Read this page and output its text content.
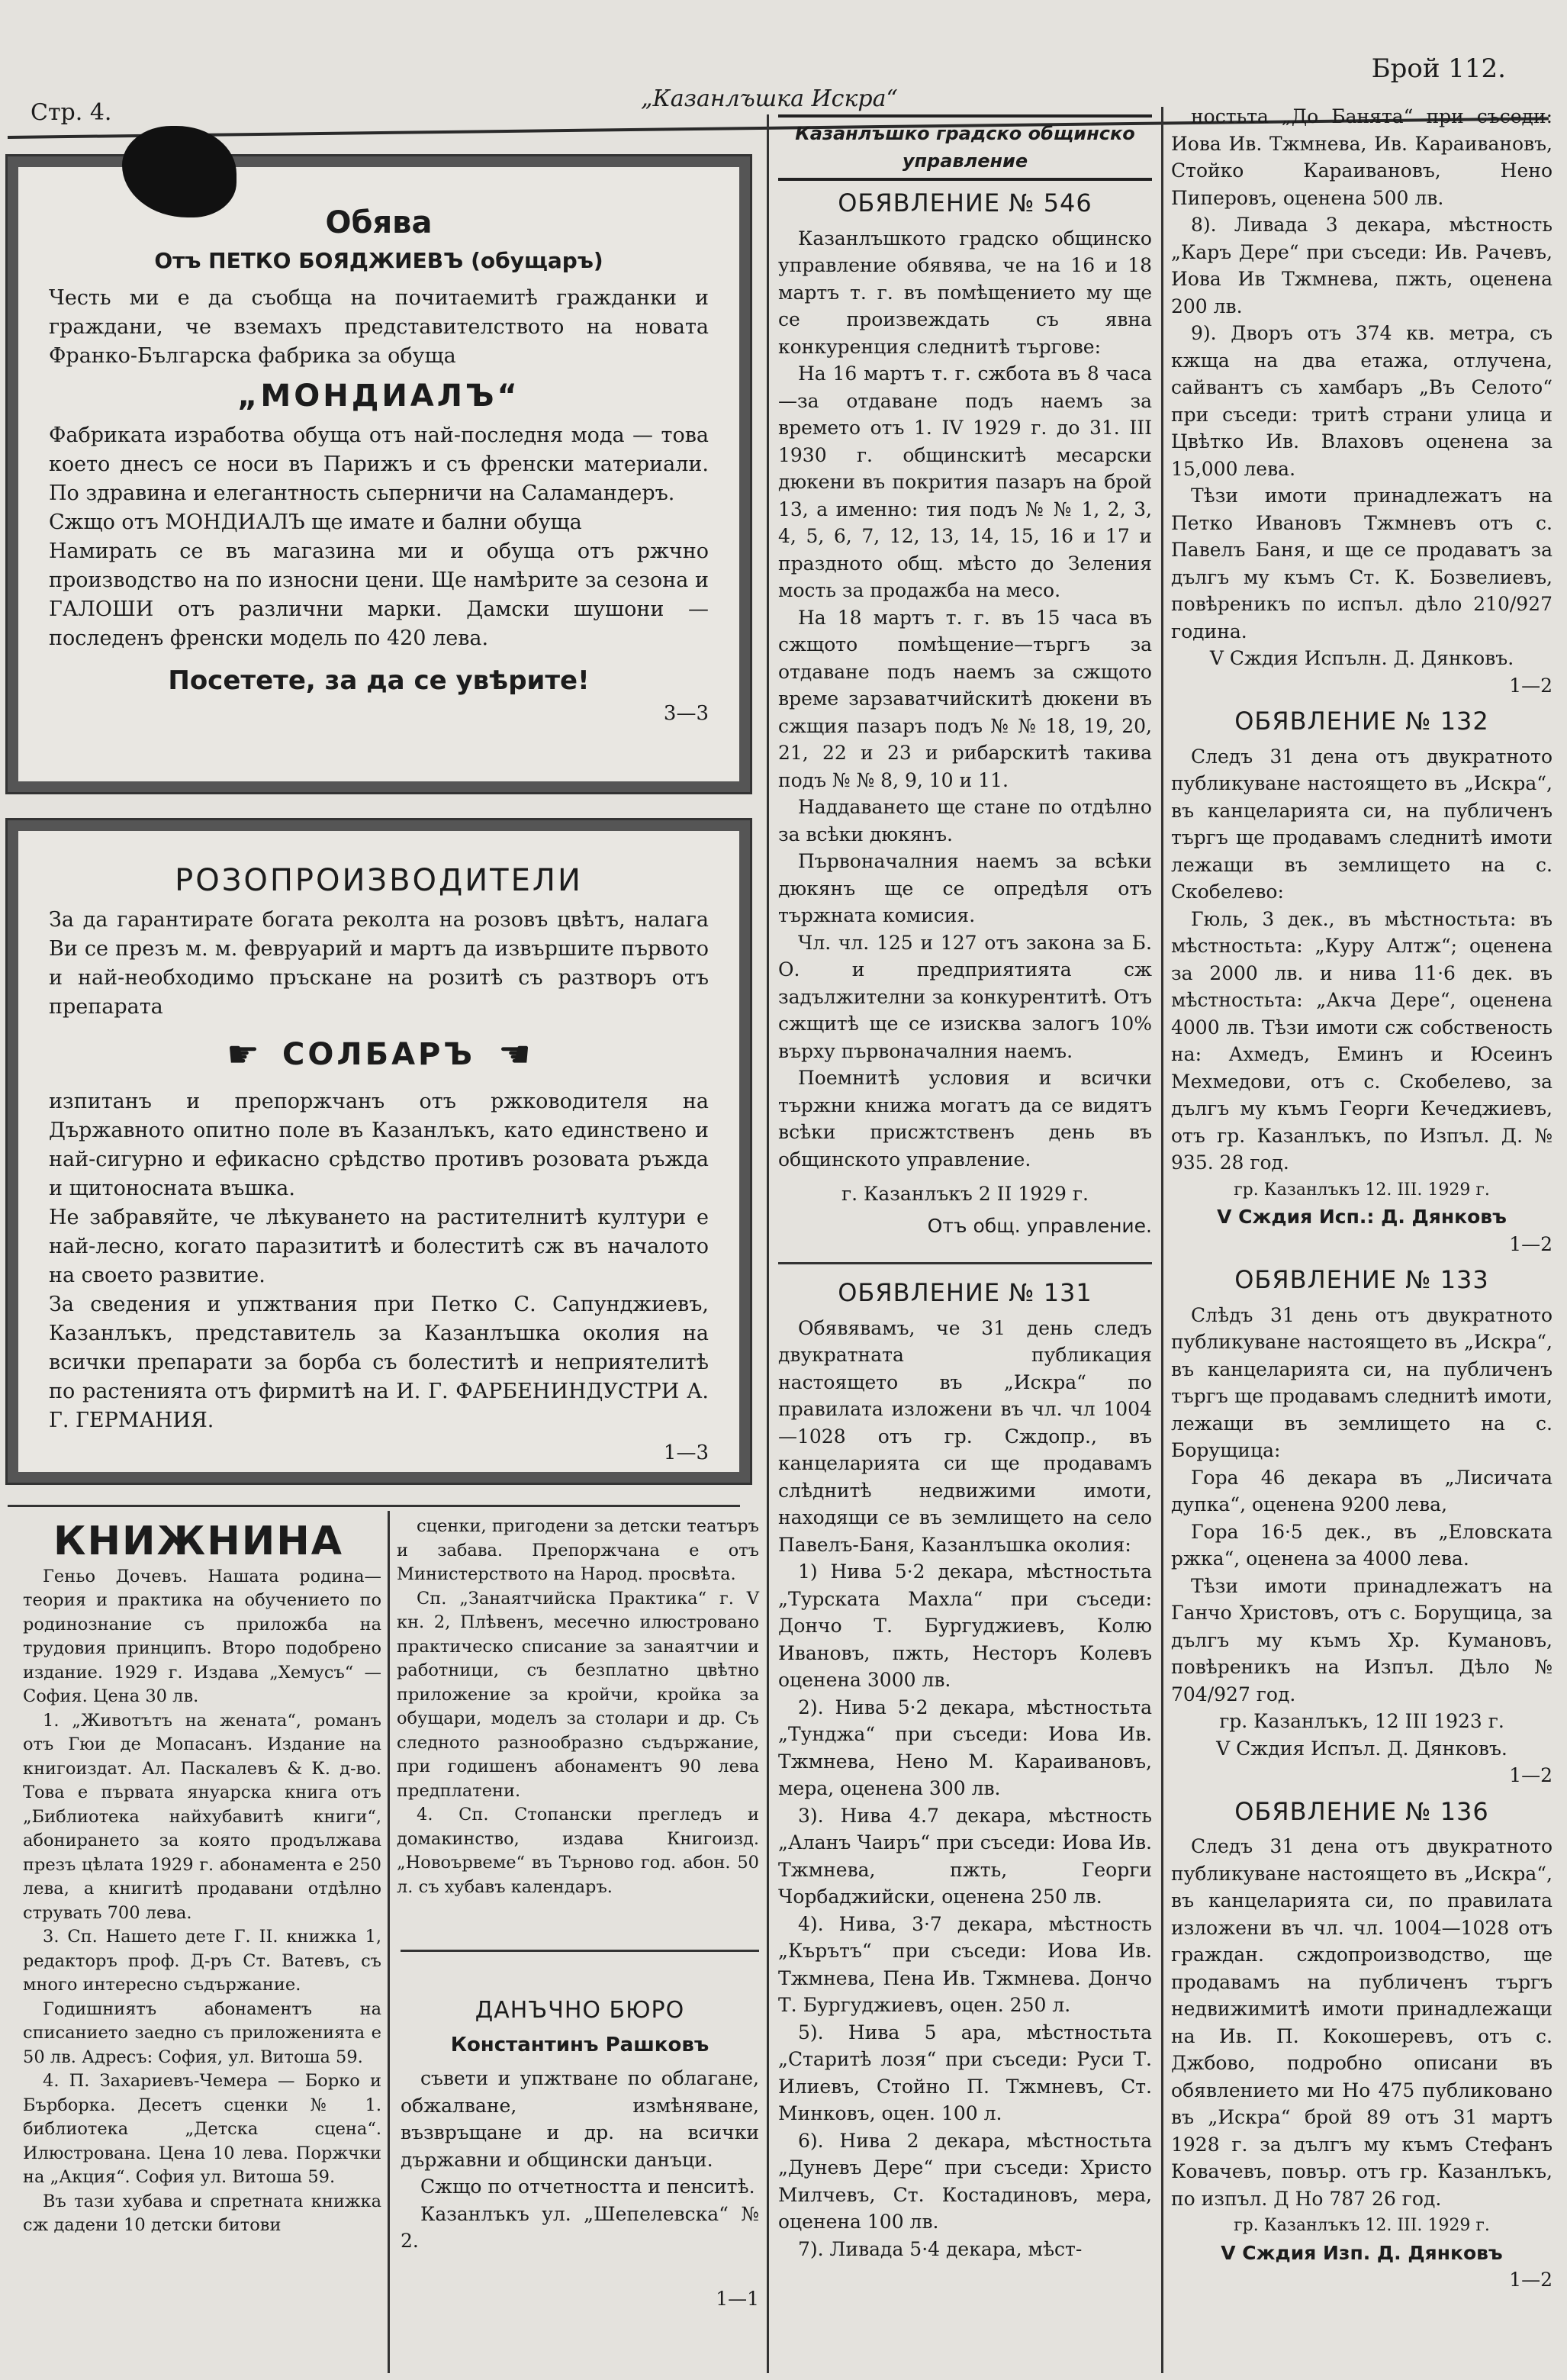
Стр. 4.
„Казанлъшка Искра“
Брой 112.
Обява
Отъ ПЕТКО БОЯДЖИЕВЪ (обущаръ)

Честь ми е да съобща на почитаемитѣ гражданки и граждани, че вземахъ представителството на новата Франко-Българска фабрика за обуща

„МОНДИАЛЪ“

Фабриката изработва обуща отъ най-последня мода — това което днесъ се носи въ Парижъ и съ френски материали. По здравина и елегантность сьперничи на Саламандеръ.

Сжщо отъ МОНДИАЛЪ ще имате и бални обуща

Намирать се въ магазина ми и обуща отъ ржчно производство на по износни цени. Ще намѣрите за сезона и ГАЛОШИ отъ различни марки. Дамски шушони — последенъ френски модель по 420 лева.

Посетете, за да се увѣрите!
3—3
РОЗОПРОИЗВОДИТЕЛИ

За да гарантирате богата реколта на розовъ цвѣтъ, налага Ви се презъ м. м. февруарий и мартъ да извършите първото и най-необходимо пръскане на розитѣ съ разтворъ отъ препарата

☛ СОЛБАРЪ ☚

изпитанъ и препоржчанъ отъ ржководителя на Държавното опитно поле въ Казанлъкъ, като единствено и най-сигурно и ефикасно срѣдство противъ розовата ръжда и щитоносната въшка.

Не забравяйте, че лѣкуването на растителнитѣ култури е най-лесно, когато паразититѣ и болеститѣ сж въ началото на своето развитие.

За сведения и упжтвания при Петко С. Сапунджиевъ, Казанлъкъ, представитель за Казанлъшка околия на всички препарати за борба съ болеститѣ и неприятелитѣ по растенията отъ фирмитѣ на И. Г. ФАРБЕНИНДУСТРИ А. Г. ГЕРМАНИЯ.

1—3
КНИЖНИНА

Геньо Дочевъ. Нашата родина—теория и практика на обучението по родинознание съ приложба на трудовия принципъ. Второ подобрено издание. 1929 г. Издава „Хемусъ“ — София. Цена 30 лв.

1. „Животътъ на жената“, романъ отъ Гюи де Мопасанъ. Издание на книгоиздат. Ал. Паскалевъ & К. д-во. Това е първата януарска книга отъ „Библиотека найхубавитѣ книги“, абонирането за която продължава презъ цѣлата 1929 г. абонамента е 250 лева, а книгитѣ продавани отдѣлно струвать 700 лева.

3. Сп. Нашето дете Г. II. книжка 1, редакторъ проф. Д-ръ Ст. Ватевъ, съ много интересно съдържание.

Годишниятъ абонаментъ на списанието заедно съ приложенията е 50 лв. Адресъ: София, ул. Витоша 59.

4. П. Захариевъ-Чемера — Борко и Бърборка. Десетъ сценки № 1. библиотека „Детска сцена“. Илюстрована. Цена 10 лева. Поржчки на „Акция“. София ул. Витоша 59.

Въ тази хубава и спретната книжка сж дадени 10 детски битови

сценки, пригодени за детски театъръ и забава. Препоржчана е отъ Министерството на Народ. просвѣта.

Сп. „Занаятчийска Практика“ г. V кн. 2, Плѣвенъ, месечно илюстровано практическо списание за занаятчии и работници, съ безплатно цвѣтно приложение за кройчи, кройка за обущари, моделъ за столари и др. Съ следното разнообразно съдържание, при годишенъ абонаментъ 90 лева предплатени.

4. Сп. Стопански прегледъ и домакинство, издава Книгоизд. „Новоървеме“ въ Търново год. абон. 50 л. съ хубавъ календаръ.

ДАНЪЧНО БЮРО
Константинъ Рашковъ

съвети и упжтване по облагане, обжалване, измѣняване, възвръщане и др. на всички държавни и общински данъци.

Сжщо по отчетността и пенситѣ.

Казанлъкъ ул. „Шепелевска“ № 2.

1—1

Казанлъшко градско общинско управление
ОБЯВЛЕНИЕ № 546

Казанлъшкото градско общинско управление обявява, че на 16 и 18 мартъ т. г. въ помѣщението му ще се произвеждать съ явна конкуренция следнитѣ търгове:

На 16 мартъ т. г. сжбота въ 8 часа—за отдаване подъ наемъ за времето отъ 1. IV 1929 г. до 31. III 1930 г. общинскитѣ месарски дюкени въ покрития пазаръ на брой 13, а именно: тия подъ № № 1, 2, 3, 4, 5, 6, 7, 12, 13, 14, 15, 16 и 17 и праздното общ. мѣсто до Зеления мость за продажба на месо.

На 18 мартъ т. г. въ 15 часа въ сжщото помѣщение—търгъ за отдаване подъ наемъ за сжщото време зарзаватчийскитѣ дюкени въ сжщия пазаръ подъ № № 18, 19, 20, 21, 22 и 23 и рибарскитѣ такива подъ № № 8, 9, 10 и 11.

Наддаването ще стане по отдѣлно за всѣки дюкянъ.

Първоначалния наемъ за всѣки дюкянъ ще се опредѣля отъ тържната комисия.

Чл. чл. 125 и 127 отъ закона за Б. О. и предприятията сж задължителни за конкурентитѣ. Отъ сжщитѣ ще се изисква залогъ 10% върху първоначалния наемъ.

Поемнитѣ условия и всички тържни книжа могатъ да се видятъ всѣки присжтственъ день въ общинското управление.

г. Казанлъкъ 2 II 1929 г.

Отъ общ. управление.

ОБЯВЛЕНИЕ № 131

Обявявамъ, че 31 день следъ двукратната публикация настоящето въ „Искра“ по правилата изложени въ чл. чл 1004—1028 отъ гр. Сждопр., въ канцеларията си ще продавамъ слѣднитѣ недвижими имоти, находящи се въ землището на село Павелъ-Баня, Казанлъшка околия:

1) Нива 5·2 декара, мѣстностьта „Турската Махла“ при съседи: Дончо Т. Бургуджиевъ, Колю Ивановъ, пжть, Несторъ Колевъ оценена 3000 лв.

2). Нива 5·2 декара, мѣстностьта „Тунджа“ при съседи: Иова Ив. Тжмнева, Нено М. Караивановъ, мера, оценена 300 лв.

3). Нива 4.7 декара, мѣстность „Аланъ Чаиръ“ при съседи: Иова Ив. Тжмнева, пжть, Георги Чорбаджийски, оценена 250 лв.

4). Нива, 3·7 декара, мѣстность „Кърътъ“ при съседи: Иова Ив. Тжмнева, Пена Ив. Тжмнева. Дончо Т. Бургуджиевъ, оцен. 250 л.

5). Нива 5 ара, мѣстностьта „Старитѣ лозя“ при съседи: Руси Т. Илиевъ, Стойно П. Тжмневъ, Ст. Минковъ, оцен. 100 л.

6). Нива 2 декара, мѣстностьта „Дуневъ Дере“ при съседи: Христо Милчевъ, Ст. Костадиновъ, мера, оценена 100 лв.

7). Ливада 5·4 декара, мѣст-

ностьта „До Банята“ при съседи: Иова Ив. Тжмнева, Ив. Караивановъ, Стойко Караивановъ, Нено Пиперовъ, оценена 500 лв.

8). Ливада 3 декара, мѣстность „Каръ Дере“ при съседи: Ив. Рачевъ, Иова Ив Тжмнева, пжть, оценена 200 лв.

9). Дворъ отъ 374 кв. метра, съ кжща на два етажа, отлучена, сайвантъ съ хамбаръ „Въ Селото“ при съседи: тритѣ страни улица и Цвѣтко Ив. Влаховъ оценена за 15,000 лева.

Тѣзи имоти принадлежатъ на Петко Ивановъ Тжмневъ отъ с. Павелъ Баня, и ще се продаватъ за дългъ му къмъ Ст. К. Бозвелиевъ, повѣреникъ по испъл. дѣло 210/927 година.

V Сждия Испълн. Д. Дянковъ.

1—2

ОБЯВЛЕНИЕ № 132

Следъ 31 дена отъ двукратното публикуване настоящето въ „Искра“, въ канцеларията си, на публиченъ търгъ ще продавамъ следнитѣ имоти лежащи въ землището на с. Скобелево:

Гюль, 3 дек., въ мѣстностьта: въ мѣстностьта: „Куру Алтж“; оценена за 2000 лв. и нива 11·6 дек. въ мѣстностьта: „Акча Дере“, оценена 4000 лв. Тѣзи имоти сж собственость на: Ахмедъ, Еминъ и Юсеинъ Мехмедови, отъ с. Скобелево, за дългъ му къмъ Георги Кечеджиевъ, отъ гр. Казанлъкъ, по Изпъл. Д. № 935. 28 год.

гр. Казанлъкъ 12. III. 1929 г.

V Сждия Исп.: Д. Дянковъ

1—2

ОБЯВЛЕНИЕ № 133

Слѣдъ 31 день отъ двукратното публикуване настоящето въ „Искра“, въ канцеларията си, на публиченъ търгъ ще продавамъ следнитѣ имоти, лежащи въ землището на с. Борущица:

Гора 46 декара въ „Лисичата дупка“, оценена 9200 лева,

Гора 16·5 дек., въ „Еловската ржка“, оценена за 4000 лева.

Тѣзи имоти принадлежатъ на Ганчо Христовъ, отъ с. Борущица, за дългъ му къмъ Хр. Кумановъ, повѣреникъ на Изпъл. Дѣло № 704/927 год.

гр. Казанлъкъ, 12 III 1923 г.

V Сждия Испъл. Д. Дянковъ.

1—2

ОБЯВЛЕНИЕ № 136

Следъ 31 дена отъ двукратното публикуване настоящето въ „Искра“, въ канцеларията си, по правилата изложени въ чл. чл. 1004—1028 отъ граждан. сждопроизводство, ще продавамъ на публиченъ търгъ недвижимитѣ имоти принадлежащи на Ив. П. Кокошеревъ, отъ с. Джбово, подробно описани въ обявлението ми Но 475 публиковано въ „Искра“ брой 89 отъ 31 мартъ 1928 г. за дългъ му къмъ Стефанъ Ковачевъ, повър. отъ гр. Казанлъкъ, по изпъл. Д Но 787 26 год.

гр. Казанлъкъ 12. III. 1929 г.

V Сждия Изп. Д. Дянковъ

1—2
